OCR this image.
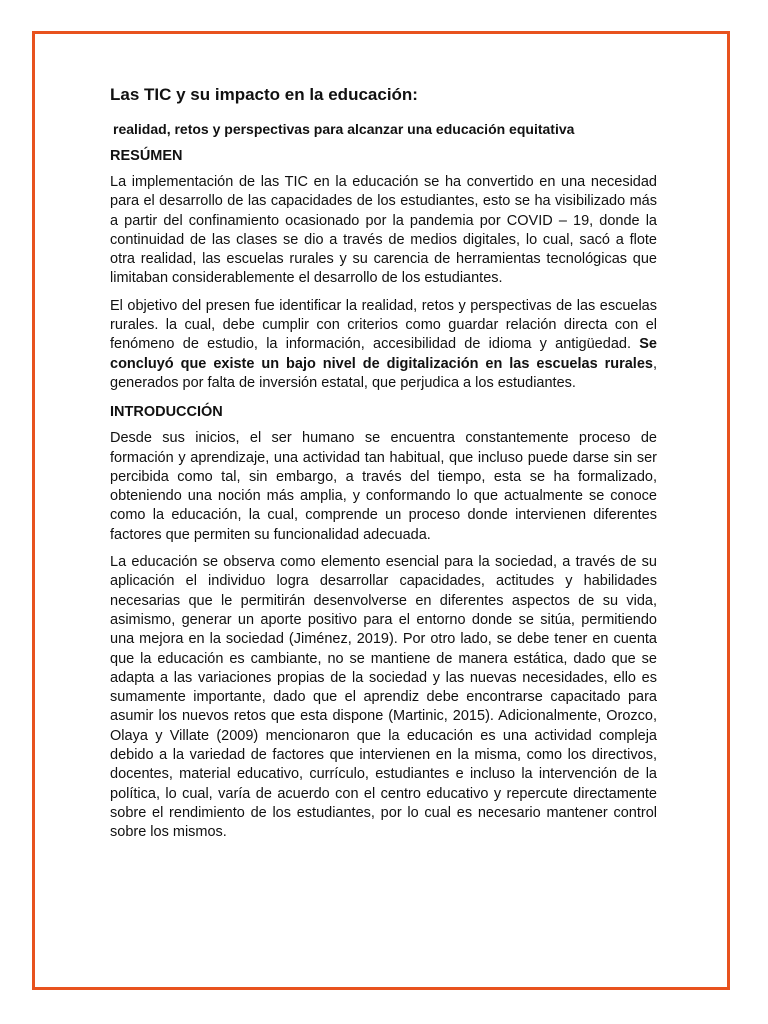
Las TIC y su impacto en la educación:
realidad, retos y perspectivas para alcanzar una educación equitativa
RESÚMEN

La implementación de las TIC en la educación se ha convertido en una necesidad para el desarrollo de las capacidades de los estudiantes, esto se ha visibilizado más a partir del confinamiento ocasionado por la pandemia por COVID – 19, donde la continuidad de las clases se dio a través de medios digitales, lo cual, sacó a flote otra realidad, las escuelas rurales y su carencia de herramientas tecnológicas que limitaban considerablemente el desarrollo de los estudiantes.

El objetivo del presen fue identificar la realidad, retos y perspectivas de las escuelas rurales. la cual, debe cumplir con criterios como guardar relación directa con el fenómeno de estudio, la información, accesibilidad de idioma y antigüedad. Se concluyó que existe un bajo nivel de digitalización en las escuelas rurales, generados por falta de inversión estatal, que perjudica a los estudiantes.

INTRODUCCIÓN

Desde sus inicios, el ser humano se encuentra constantemente proceso de formación y aprendizaje, una actividad tan habitual, que incluso puede darse sin ser percibida como tal, sin embargo, a través del tiempo, esta se ha formalizado, obteniendo una noción más amplia, y conformando lo que actualmente se conoce como la educación, la cual, comprende un proceso donde intervienen diferentes factores que permiten su funcionalidad adecuada.

La educación se observa como elemento esencial para la sociedad, a través de su aplicación el individuo logra desarrollar capacidades, actitudes y habilidades necesarias que le permitirán desenvolverse en diferentes aspectos de su vida, asimismo, generar un aporte positivo para el entorno donde se sitúa, permitiendo una mejora en la sociedad (Jiménez, 2019). Por otro lado, se debe tener en cuenta que la educación es cambiante, no se mantiene de manera estática, dado que se adapta a las variaciones propias de la sociedad y las nuevas necesidades, ello es sumamente importante, dado que el aprendiz debe encontrarse capacitado para asumir los nuevos retos que esta dispone (Martinic, 2015). Adicionalmente, Orozco, Olaya y Villate (2009) mencionaron que la educación es una actividad compleja debido a la variedad de factores que intervienen en la misma, como los directivos, docentes, material educativo, currículo, estudiantes e incluso la intervención de la política, lo cual, varía de acuerdo con el centro educativo y repercute directamente sobre el rendimiento de los estudiantes, por lo cual es necesario mantener control sobre los mismos.
